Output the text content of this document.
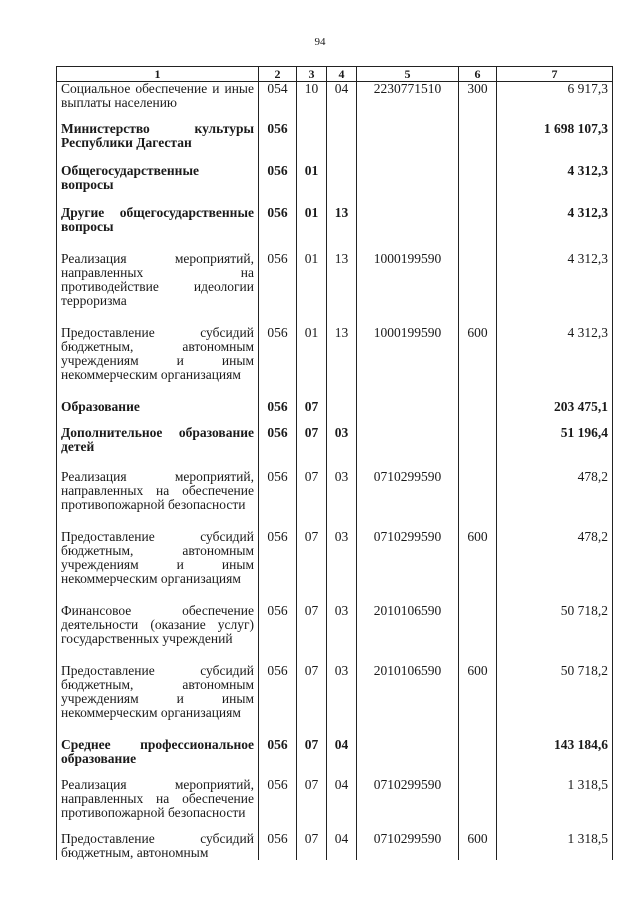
94
1	2	3	4	5	6	7
Социальное обеспечение и иные выплаты населению	054	10	04	2230771510	300	6 917,3

Министерство культуры Республики Дагестан	056					1 698 107,3

Общегосударственные вопросы	056	01				4 312,3

Другие общегосударственные вопросы	056	01	13			4 312,3

Реализация мероприятий, направленных на противодействие идеологии терроризма	056	01	13	1000199590		4 312,3

Предоставление субсидий бюджетным, автономным учреждениям и иным некоммерческим организациям	056	01	13	1000199590	600	4 312,3

Образование	056	07				203 475,1

Дополнительное образование детей	056	07	03			51 196,4

Реализация мероприятий, направленных на обеспечение противопожарной безопасности	056	07	03	0710299590		478,2

Предоставление субсидий бюджетным, автономным учреждениям и иным некоммерческим организациям	056	07	03	0710299590	600	478,2

Финансовое обеспечение деятельности (оказание услуг) государственных учреждений	056	07	03	2010106590		50 718,2

Предоставление субсидий бюджетным, автономным учреждениям и иным некоммерческим организациям	056	07	03	2010106590	600	50 718,2

Среднее профессиональное образование	056	07	04			143 184,6

Реализация мероприятий, направленных на обеспечение противопожарной безопасности	056	07	04	0710299590		1 318,5

Предоставление субсидий бюджетным, автономным	056	07	04	0710299590	600	1 318,5
